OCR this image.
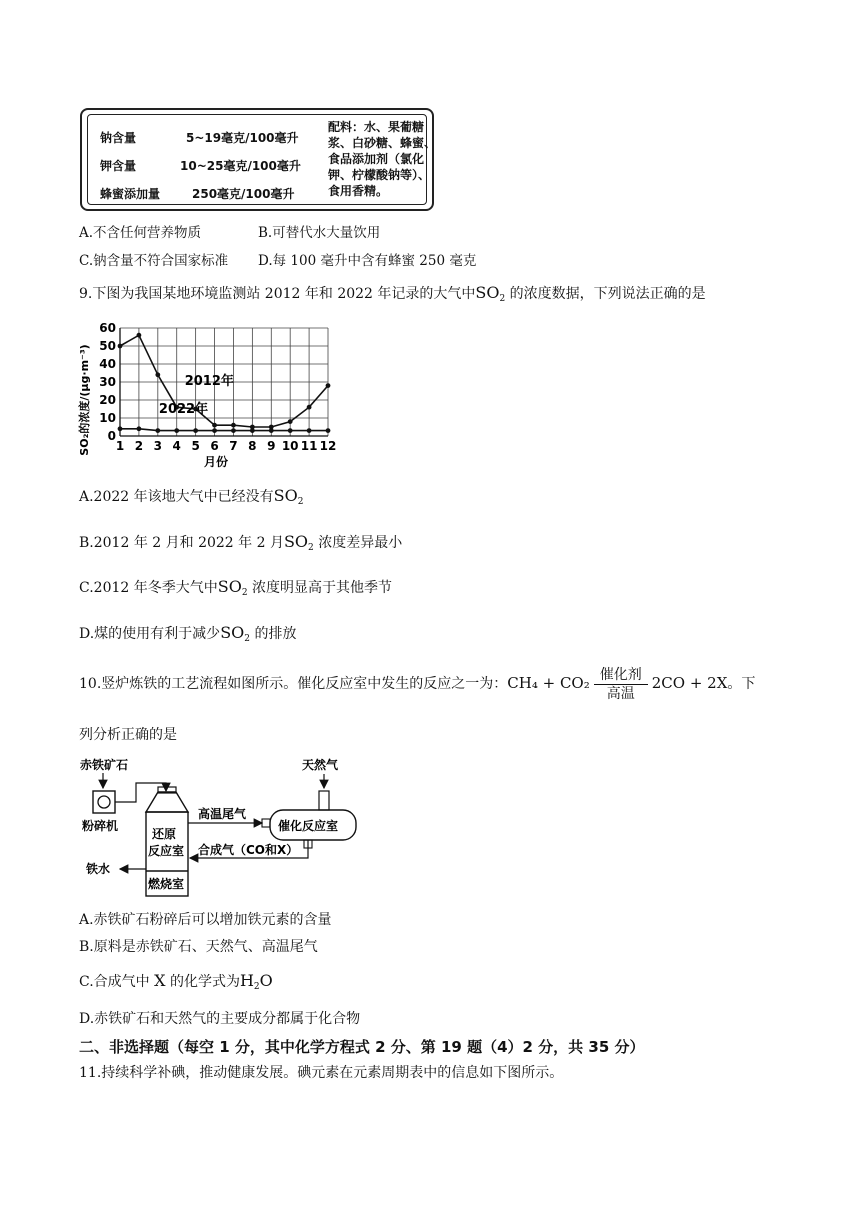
钠含量	5~19毫克/100毫升
钾含量	10~25毫克/100毫升
蜂蜜添加量	250毫克/100毫升
配料：水、果葡糖浆、白砂糖、蜂蜜、食品添加剂（氯化钾、柠檬酸钠等）、食用香精。
A.不含任何营养物质	B.可替代水大量饮用
C.钠含量不符合国家标准 D.每 100 毫升中含有蜂蜜 250 毫克
9.下图为我国某地环境监测站 2012 年和 2022 年记录的大气中$SO_2$ 的浓度数据，下列说法正确的是
1 2 3 4 5 6 7 8 9 10 11 12
0
10
20
30
40
50
60
月份
SO₂的浓度/(μg·m⁻³)	2012年
2022年
A.2022 年该地大气中已经没有$SO_2$
B.2012 年 2 月和 2022 年 2 月$SO_2$ 浓度差异最小
C.2012 年冬季大气中$SO_2$ 浓度明显高于其他季节
D.煤的使用有利于减少$SO_2$ 的排放
10.竖炉炼铁的工艺流程如图所示。催化反应室中发生的反应之一为：$CH_4 + CO_2 \frac{\text{催化剂}}{\text{高温}} 2CO + 2X$。下
列分析正确的是
赤铁矿石
粉碎机
还原
反应室
燃烧室
铁水
高温尾气
催化反应室
天然气
合成气（CO和X）
A.赤铁矿石粉碎后可以增加铁元素的含量
B.原料是赤铁矿石、天然气、高温尾气
C.合成气中 X 的化学式为$H_2O$
D.赤铁矿石和天然气的主要成分都属于化合物
二、非选择题（每空 1 分，其中化学方程式 2 分、第 19 题（4）2 分，共 35 分）
11.持续科学补碘，推动健康发展。碘元素在元素周期表中的信息如下图所示。
